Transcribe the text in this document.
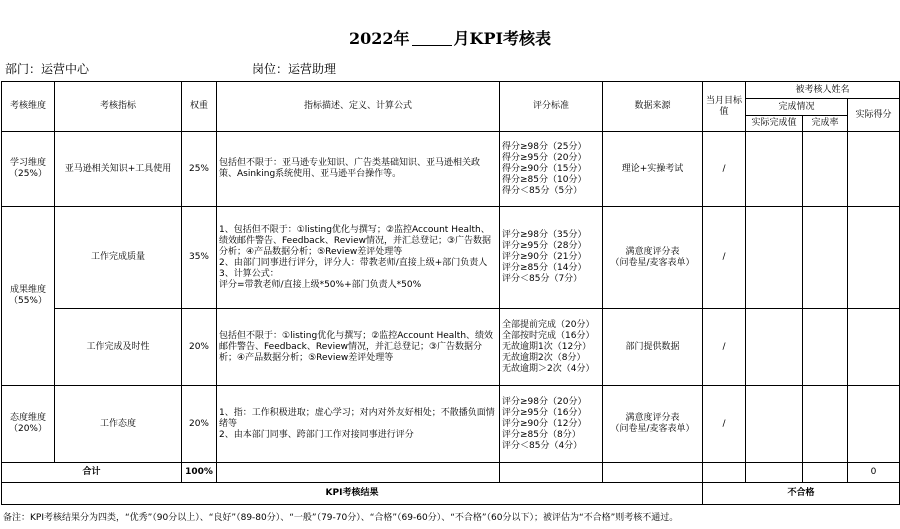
2022年	月KPI考核表
部门：运营中心	岗位：运营助理
考核维度	考核指标	权重	指标描述、定义、计算公式	评分标准	数据来源	当月目标值	被考核人姓名		
							完成情况		实际得分
							实际完成值	完成率	
学习维度
（25%）	亚马逊相关知识+工具使用	25%	包括但不限于：亚马逊专业知识、广告类基础知识、亚马逊相关政策、Asinking系统使用、亚马逊平台操作等。	得分≥98分（25分）
得分≥95分（20分）
得分≥90分（15分）
得分≥85分（10分）
得分＜85分（5分）	理论+实操考试	/			
成果维度
（55%）	工作完成质量	35%	1、包括但不限于：①listing优化与撰写；②监控Account Health、绩效邮件警告、Feedback、Review情况，并汇总登记；③广告数据分析；④产品数据分析；⑤Review差评处理等
2、由部门同事进行评分，评分人：带教老师/直接上级+部门负责人
3、计算公式：
评分=带教老师/直接上级*50%+部门负责人*50%	评分≥98分（35分）
评分≥95分（28分）
评分≥90分（21分）
评分≥85分（14分）
评分＜85分（7分）	满意度评分表
（问卷星/麦客表单）	/			
	工作完成及时性	20%	包括但不限于：①listing优化与撰写；②监控Account Health、绩效邮件警告、Feedback、Review情况，并汇总登记；③广告数据分析；④产品数据分析；⑤Review差评处理等	全部提前完成（20分）
全部按时完成（16分）
无故逾期1次（12分）
无故逾期2次（8分）
无故逾期＞2次（4分）	部门提供数据	/			
态度维度
（20%）	工作态度	20%	1、指：工作积极进取；虚心学习；对内对外友好相处；不散播负面情绪等
2、由本部门同事、跨部门工作对接同事进行评分	评分≥98分（20分）
评分≥95分（16分）
评分≥90分（12分）
评分≥85分（8分）
评分＜85分（4分）	满意度评分表
（问卷星/麦客表单）	/			
合计		100%							0
KPI考核结果						不合格			
备注：KPI考核结果分为四类，“优秀”（90分以上）、“良好”（89-80分）、“一般”（79-70分）、“合格”（69-60分）、“不合格”（60分以下）；被评估为“不合格”则考核不通过。
